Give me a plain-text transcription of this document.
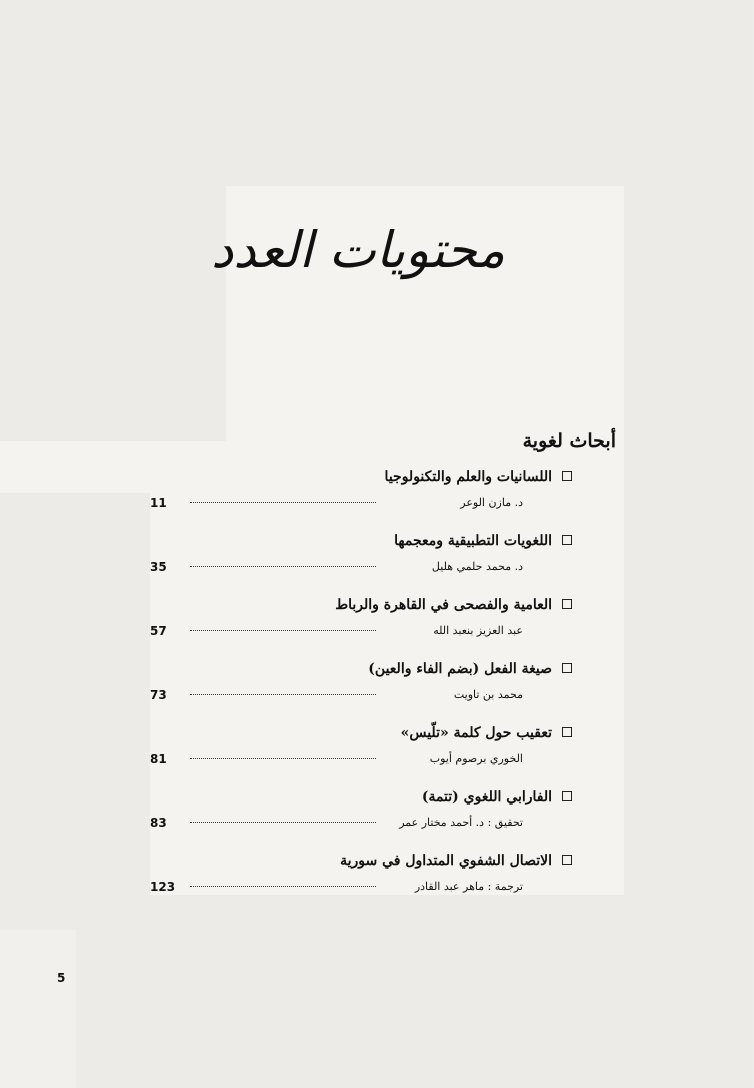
محتويات العدد
أبحاث لغوية
اللسانيات والعلم والتكنولوجيا
د. مازن الوعر
11
اللغويات التطبيقية ومعجمها
د. محمد حلمي هليل
35
العامية والفصحى في القاهرة والرباط
عبد العزيز بنعبد الله
57
صيغة الفعل (بضم الفاء والعين)
محمد بن تاويت
73
تعقيب حول كلمة «تلّيس»
الخوري برصوم أيوب
81
الفارابي اللغوي (تتمة)
تحقيق : د. أحمد مختار عمر
83
الاتصال الشفوي المتداول في سورية
ترجمة : ماهر عبد القادر
123
5
